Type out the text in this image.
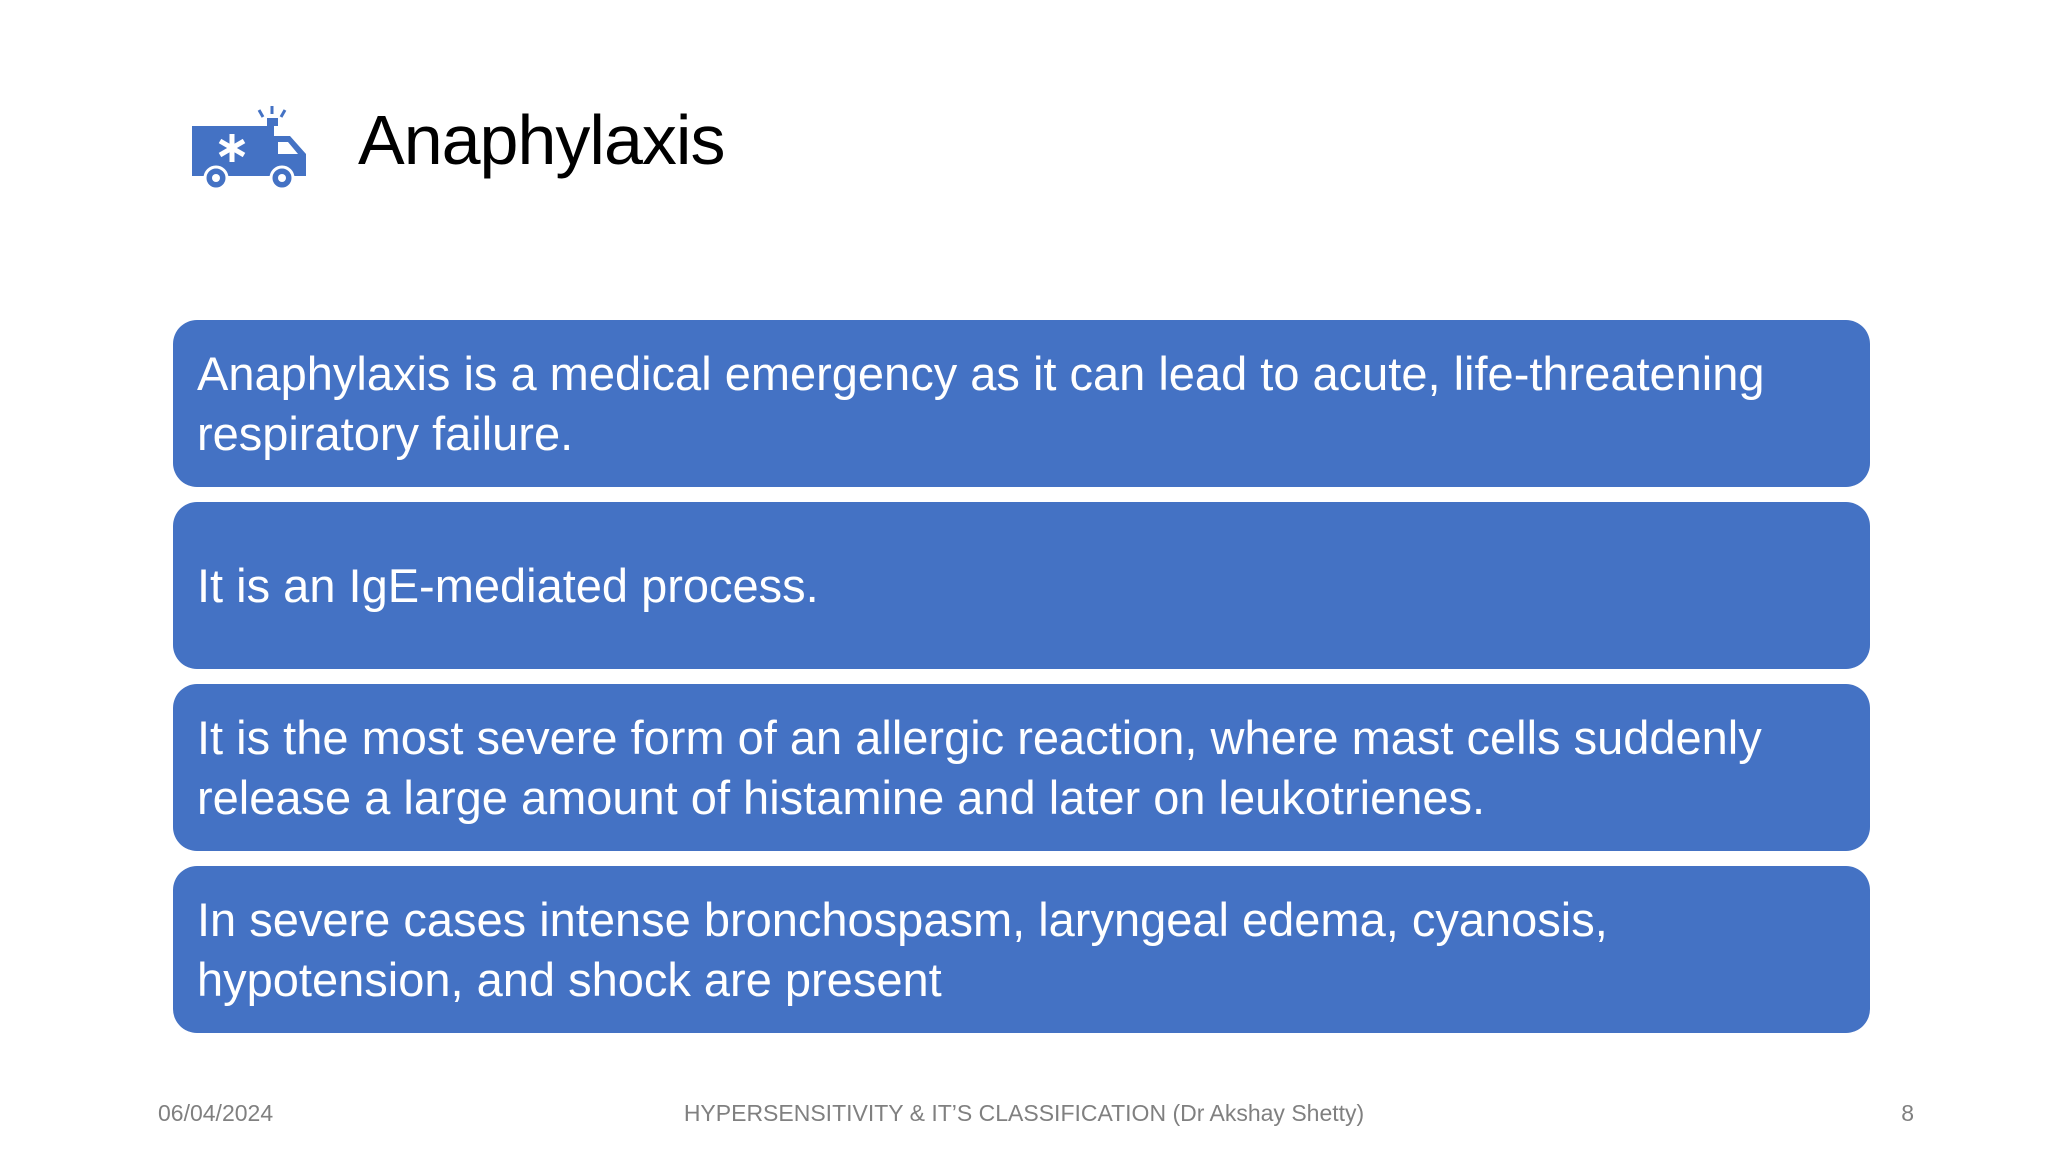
Anaphylaxis
Anaphylaxis is a medical emergency as it can lead to acute, life-threatening respiratory failure.
It is an IgE-mediated process.
It is the most severe form of an allergic reaction, where mast cells suddenly release a large amount of histamine and later on leukotrienes.
In severe cases intense bronchospasm, laryngeal edema, cyanosis, hypotension, and shock are present
06/04/2024	HYPERSENSITIVITY & IT’S CLASSIFICATION (Dr Akshay Shetty)	8
